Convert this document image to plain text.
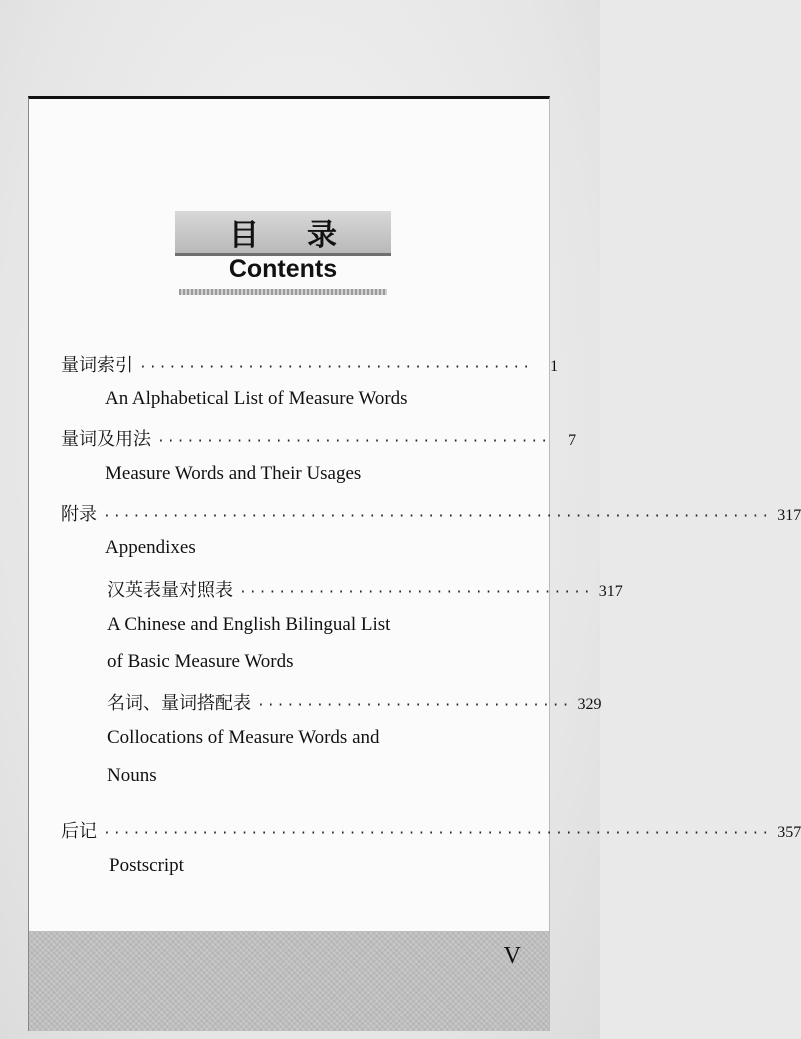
目录
Contents
量词索引 ········································	1
An Alphabetical List of Measure Words
量词及用法 ········································	7
Measure Words and Their Usages
附录 ···································································· 317
Appendixes
汉英表量对照表 ···································· 317
A Chinese and English Bilingual List
of Basic Measure Words
名词、量词搭配表 ································ 329
Collocations of Measure Words and
Nouns
后记 ···································································· 357
Postscript
V
